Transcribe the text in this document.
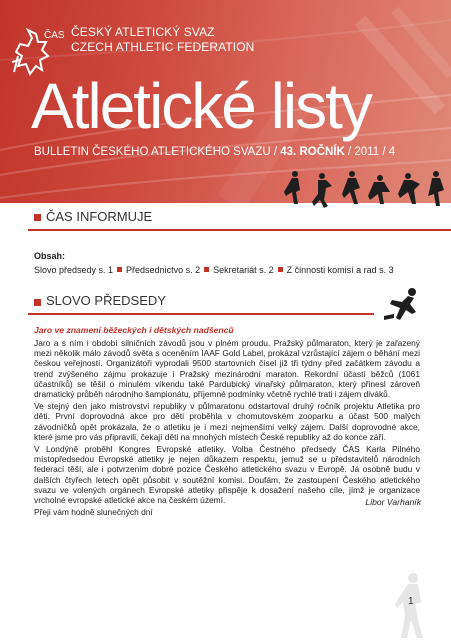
ČAS ČESKÝ ATLETICKÝ SVAZ
CZECH ATHLETIC FEDERATION
Atletické listy
BULLETIN ČESKÉHO ATLETICKÉHO SVAZU / 43. ROČNÍK / 2011 / 4
ČAS INFORMUJE
Obsah:
Slovo předsedy s. 1 Předsednictvo s. 2 Sekretariát s. 2 Z činnosti komisí a rad s. 3
SLOVO PŘEDSEDY
Jaro ve znamení běžeckých i dětských nadšenců

Jaro a s ním i období silničních závodů jsou v plném proudu. Pražský půlmaraton, který je zařazený mezi několik málo závodů světa s oceněním IAAF Gold Label, prokázal vzrůstající zájem o běhání mezi českou veřejností. Organizátoři vyprodali 9500 startovních čísel již tři týdny před začátkem závodu a trend zvýšeného zájmu prokazuje i Pražský mezinárodní maraton. Rekordní účastí běžců (1061 účastníků) se těšil o minulém víkendu také Pardubický vinařský půlmaraton, který přinesl zároveň dramatický průběh národního šampionátu, příjemné podmínky včetně rychlé trati i zájem diváků.

Ve stejný den jako mistrovství republiky v půlmaratonu odstartoval druhý ročník projektu Atletika pro děti. První doprovodná akce pro děti proběhla v chomutovském zooparku a účast 500 malých závodníčků opět prokázala, že o atletiku je i mezi nejmenšími velký zájem. Další doprovodné akce, které jsme pro vás připravili, čekají děti na mnohých místech České republiky až do konce září.

V Londýně proběhl Kongres Evropské atletiky. Volba Čestného předsedy ČAS Karla Pilného místopředsedou Evropské atletiky je nejen důkazem respektu, jemuž se u představitelů národních federací těší, ale i potvrzením dobré pozice Českého atletického svazu v Evropě. Já osobně budu v dalších čtyřech letech opět působit v soutěžní komisi. Doufám, že zastoupení Českého atletického svazu ve volených orgánech Evropské atletiky přispěje k dosažení našeho cíle, jímž je organizace vrcholné evropské atletické akce na českém území.

Přeji vám hodně slunečných dní

Libor Varhaník
1
